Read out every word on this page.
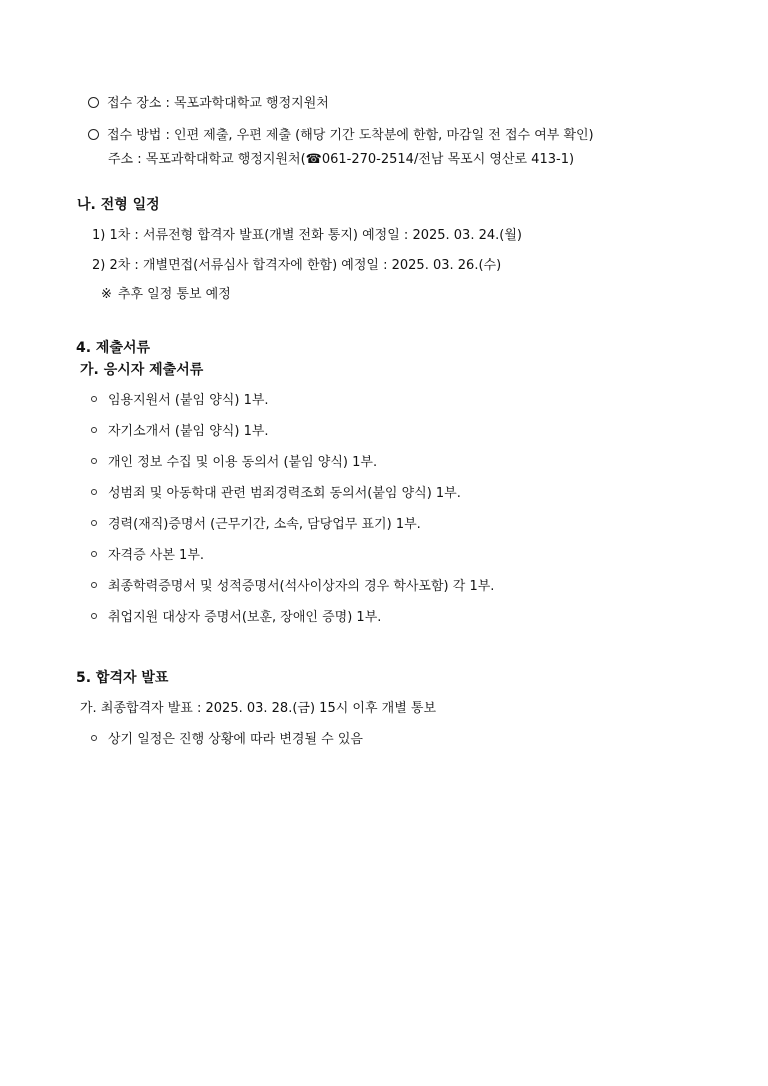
접수 장소 : 목포과학대학교 행정지원처
접수 방법 : 인편 제출, 우편 제출 (해당 기간 도착분에 한함, 마감일 전 접수 여부 확인)
주소 : 목포과학대학교 행정지원처(☎061-270-2514/전남 목포시 영산로 413-1)
나. 전형 일정
1) 1차 : 서류전형 합격자 발표(개별 전화 통지) 예정일 : 2025. 03. 24.(월)
2) 2차 : 개별면접(서류심사 합격자에 한함) 예정일 : 2025. 03. 26.(수)
※ 추후 일정 통보 예정
4. 제출서류
가. 응시자 제출서류
임용지원서 (붙임 양식) 1부.
자기소개서 (붙임 양식) 1부.
개인 정보 수집 및 이용 동의서 (붙임 양식) 1부.
성범죄 및 아동학대 관련 범죄경력조회 동의서(붙임 양식) 1부.
경력(재직)증명서 (근무기간, 소속, 담당업무 표기) 1부.
자격증 사본 1부.
최종학력증명서 및 성적증명서(석사이상자의 경우 학사포함) 각 1부.
취업지원 대상자 증명서(보훈, 장애인 증명) 1부.
5. 합격자 발표
가. 최종합격자 발표 : 2025. 03. 28.(금) 15시 이후 개별 통보
상기 일정은 진행 상황에 따라 변경될 수 있음
